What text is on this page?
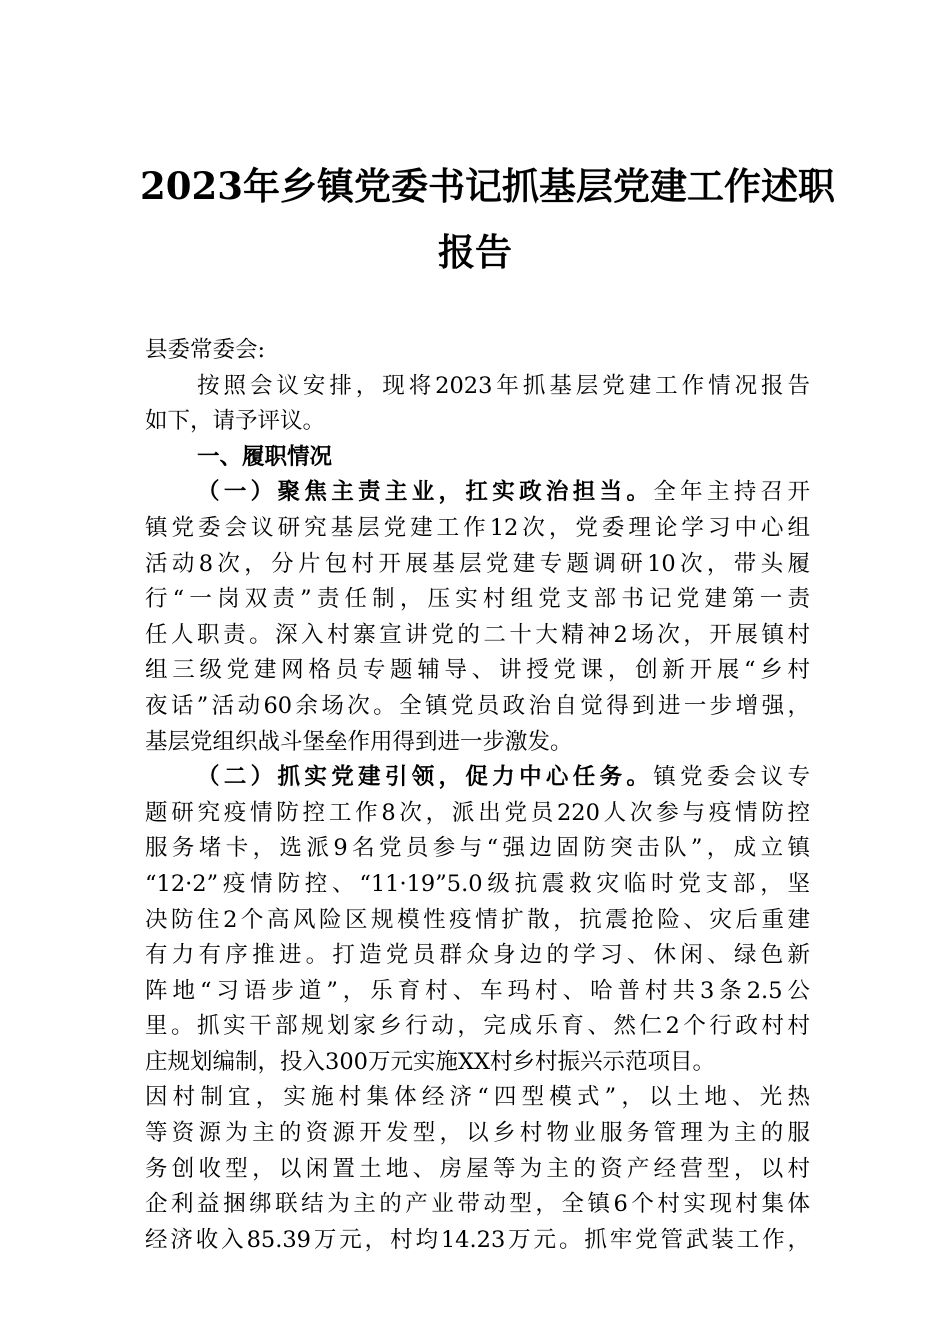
2023年乡镇党委书记抓基层党建工作述职
报告
县委常委会:
按照会议安排，现将2023年抓基层党建工作情况报告
如下，请予评议。
一、履职情况
（一）聚焦主责主业，扛实政治担当。全年主持召开
镇党委会议研究基层党建工作12次，党委理论学习中心组
活动8次，分片包村开展基层党建专题调研10次，带头履
行“一岗双责”责任制，压实村组党支部书记党建第一责
任人职责。深入村寨宣讲党的二十大精神2场次，开展镇村
组三级党建网格员专题辅导、讲授党课，创新开展“乡村
夜话”活动60余场次。全镇党员政治自觉得到进一步增强，
基层党组织战斗堡垒作用得到进一步激发。
（二）抓实党建引领，促力中心任务。镇党委会议专
题研究疫情防控工作8次，派出党员220人次参与疫情防控
服务堵卡，选派9名党员参与“强边固防突击队”，成立镇
“12·2”疫情防控、“11·19”5.0级抗震救灾临时党支部，坚
决防住2个高风险区规模性疫情扩散，抗震抢险、灾后重建
有力有序推进。打造党员群众身边的学习、休闲、绿色新
阵地“习语步道”，乐育村、车玛村、哈普村共3条2.5公
里。抓实干部规划家乡行动，完成乐育、然仁2个行政村村
庄规划编制，投入300万元实施XX村乡村振兴示范项目。
因村制宜，实施村集体经济“四型模式”，以土地、光热
等资源为主的资源开发型，以乡村物业服务管理为主的服
务创收型，以闲置土地、房屋等为主的资产经营型，以村
企利益捆绑联结为主的产业带动型，全镇6个村实现村集体
经济收入85.39万元，村均14.23万元。抓牢党管武装工作，
